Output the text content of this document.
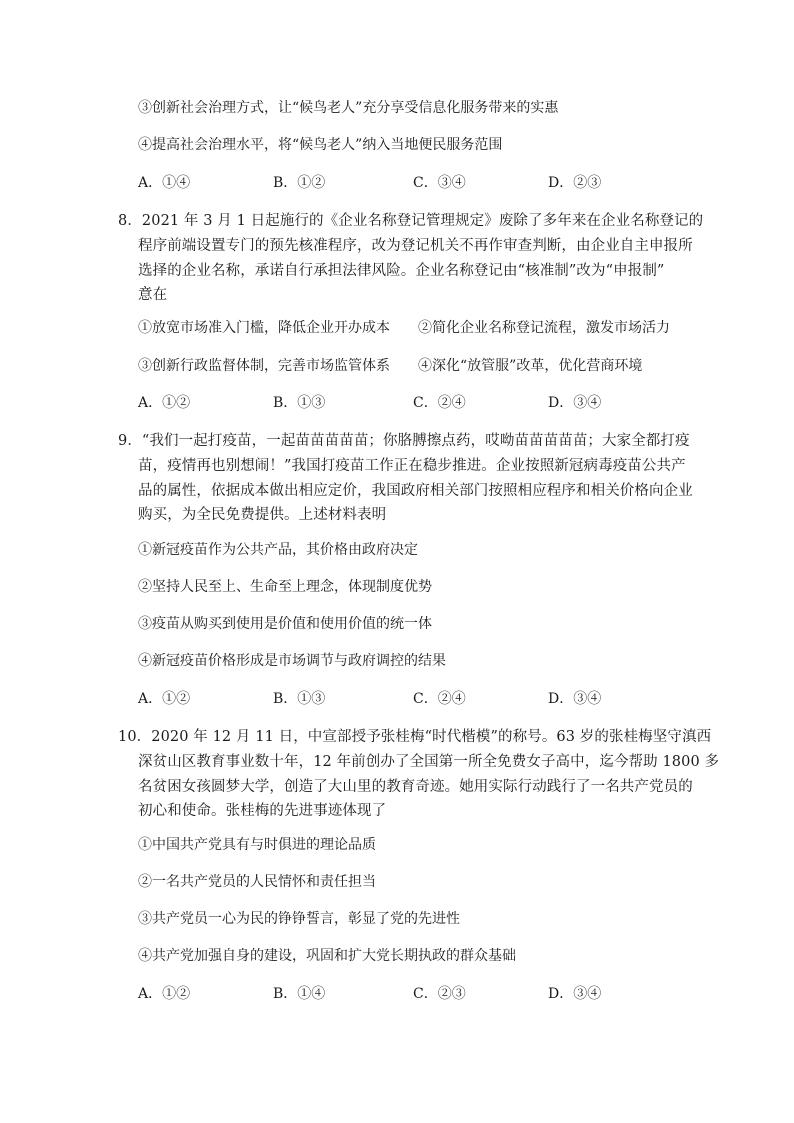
③创新社会治理方式，让“候鸟老人”充分享受信息化服务带来的实惠
④提高社会治理水平，将“候鸟老人”纳入当地便民服务范围
A．①④	B．①②	C．③④	D．②③
8．2021 年 3 月 1 日起施行的《企业名称登记管理规定》废除了多年来在企业名称登记的
程序前端设置专门的预先核准程序，改为登记机关不再作审查判断，由企业自主申报所
选择的企业名称，承诺自行承担法律风险。企业名称登记由“核准制”改为“申报制”
意在
①放宽市场准入门槛，降低企业开办成本 ②简化企业名称登记流程，激发市场活力
③创新行政监督体制，完善市场监管体系 ④深化“放管服”改革，优化营商环境
A．①②	B．①③	C．②④	D．③④
9．“我们一起打疫苗，一起苗苗苗苗苗；你胳膊擦点药，哎呦苗苗苗苗苗；大家全都打疫
苗，疫情再也别想闹！”我国打疫苗工作正在稳步推进。企业按照新冠病毒疫苗公共产
品的属性，依据成本做出相应定价，我国政府相关部门按照相应程序和相关价格向企业
购买，为全民免费提供。上述材料表明
①新冠疫苗作为公共产品，其价格由政府决定
②坚持人民至上、生命至上理念，体现制度优势
③疫苗从购买到使用是价值和使用价值的统一体
④新冠疫苗价格形成是市场调节与政府调控的结果
A．①②	B．①③	C．②④	D．③④
10．2020 年 12 月 11 日，中宣部授予张桂梅“时代楷模”的称号。63 岁的张桂梅坚守滇西
深贫山区教育事业数十年，12 年前创办了全国第一所全免费女子高中，迄今帮助 1800 多
名贫困女孩圆梦大学，创造了大山里的教育奇迹。她用实际行动践行了一名共产党员的
初心和使命。张桂梅的先进事迹体现了
①中国共产党具有与时俱进的理论品质
②一名共产党员的人民情怀和责任担当
③共产党员一心为民的铮铮誓言，彰显了党的先进性
④共产党加强自身的建设，巩固和扩大党长期执政的群众基础
A．①②	B．①④	C．②③	D．③④
